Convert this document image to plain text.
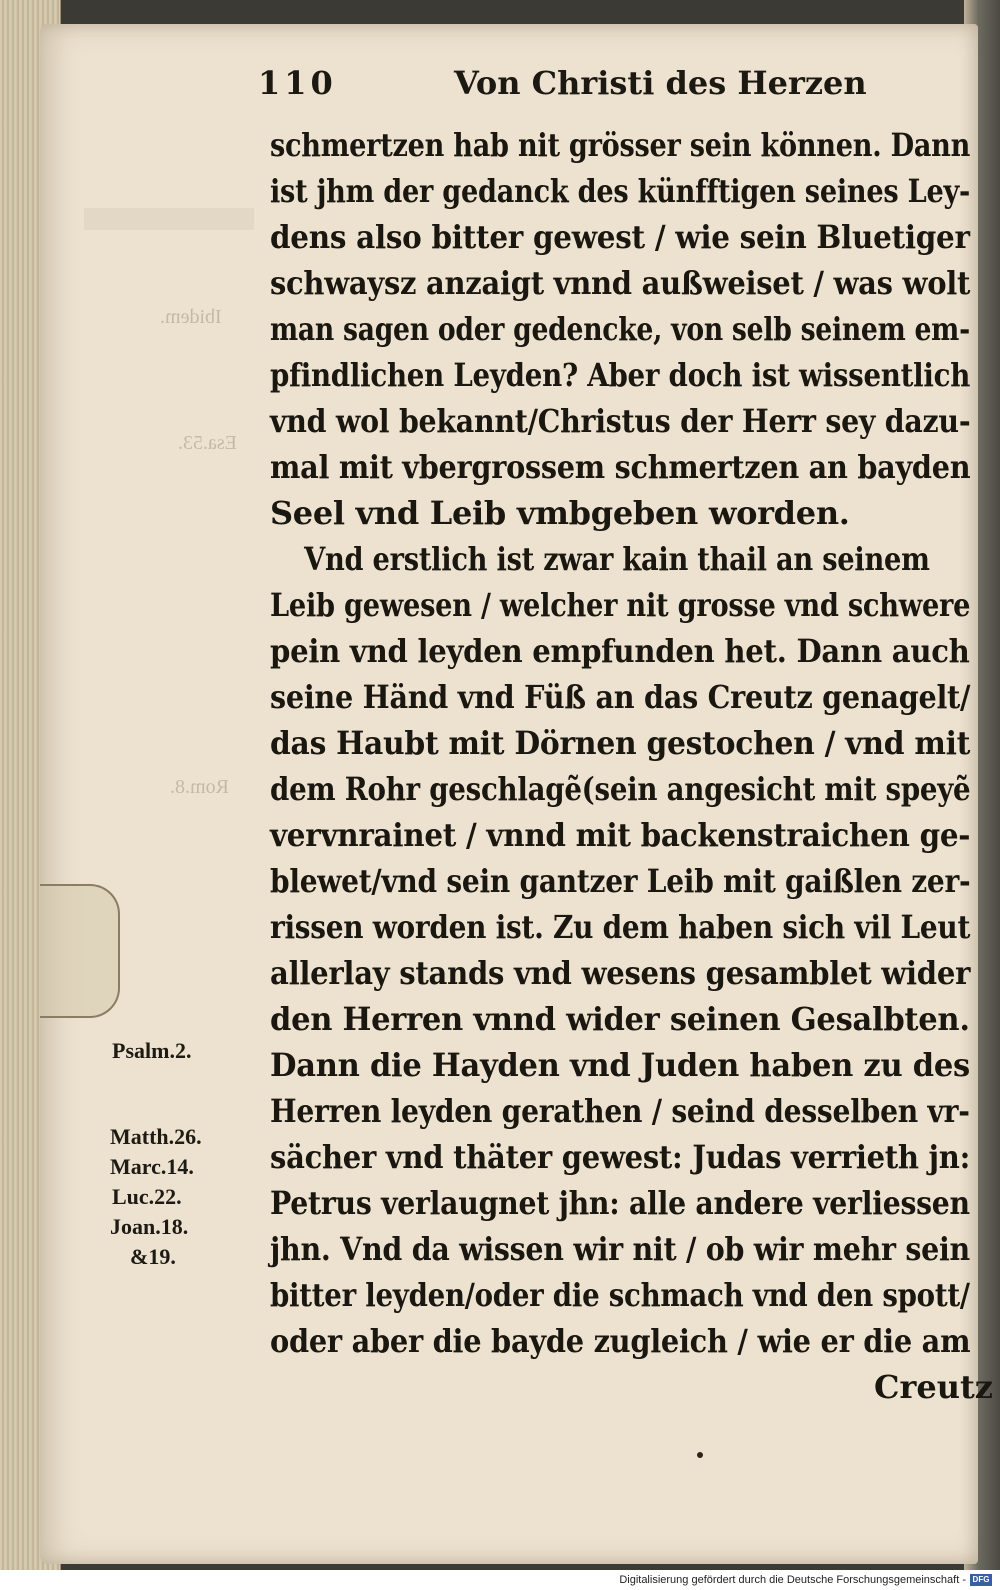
Ibidem.
Esa.53.
Rom.8.
110	Von Christi des Herzen
schmertzen hab nit grösser sein können. Dann
ist jhm der gedanck des künfftigen seines Ley-
dens also bitter gewest / wie sein Bluetiger
schwaysz anzaigt vnnd außweiset / was wolt
man sagen oder gedencke, von selb seinem em-
pfindlichen Leyden? Aber doch ist wissentlich
vnd wol bekannt/Christus der Herr sey dazu-
mal mit vbergrossem schmertzen an bayden
Seel vnd Leib vmbgeben worden.
Vnd erstlich ist zwar kain thail an seinem
Leib gewesen / welcher nit grosse vnd schwere
pein vnd leyden empfunden het. Dann auch
seine Händ vnd Füß an das Creutz genagelt/
das Haubt mit Dörnen gestochen / vnd mit
dem Rohr geschlagẽ(sein angesicht mit speyẽ
vervnrainet / vnnd mit backenstraichen ge-
blewet/vnd sein gantzer Leib mit gaißlen zer-
rissen worden ist. Zu dem haben sich vil Leut
allerlay stands vnd wesens gesamblet wider
den Herren vnnd wider seinen Gesalbten.
Dann die Hayden vnd Juden haben zu des
Herren leyden gerathen / seind desselben vr-
sächer vnd thäter gewest: Judas verrieth jn:
Petrus verlaugnet jhn: alle andere verliessen
jhn. Vnd da wissen wir nit / ob wir mehr sein
bitter leyden/oder die schmach vnd den spott/
oder aber die bayde zugleich / wie er die am
Creutz
Psalm.2.
Matth.26.
Marc.14.
Luc.22.
Joan.18.
&19.
Digitalisierung gefördert durch die Deutsche Forschungsgemeinschaft - DFG
